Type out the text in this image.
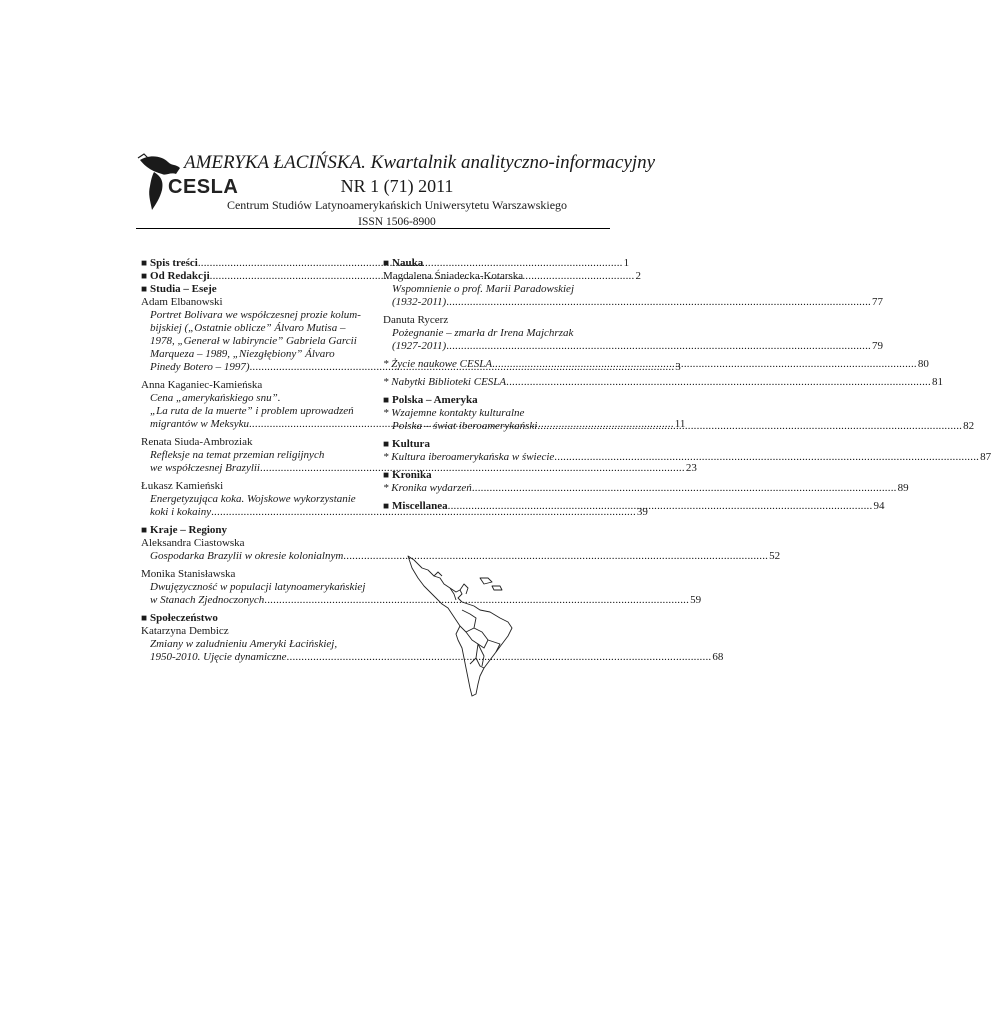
CESLA
AMERYKA ŁACIŃSKA. Kwartalnik analityczno-informacyjny
NR 1 (71) 2011
Centrum Studiów Latynoamerykańskich Uniwersytetu Warszawskiego
ISSN 1506-8900
■ Spis treści .....	1
■ Od Redakcji .....	2
■ Studia – Eseje
Adam Elbanowski
Portret Bolivara we współczesnej prozie kolum-
bijskiej („Ostatnie oblicze” Álvaro Mutisa –
1978, „Generał w labiryncie” Gabriela Garcii
Marqueza – 1989, „Niezgłębiony” Álvaro
Pinedy Botero – 1997) .....	3
Anna Kaganiec-Kamieńska
Cena „amerykańskiego snu”.
„La ruta de la muerte” i problem uprowadzeń
migrantów w Meksyku .....	11
Renata Siuda-Ambroziak
Refleksje na temat przemian religijnych
we współczesnej Brazylii .....	23
Łukasz Kamieński
Energetyzująca koka. Wojskowe wykorzystanie
koki i kokainy .....	39
■ Kraje – Regiony
Aleksandra Ciastowska
Gospodarka Brazylii w okresie kolonialnym .....	52
Monika Stanisławska
Dwujęzyczność w populacji latynoamerykańskiej
w Stanach Zjednoczonych .....	59
■ Społeczeństwo
Katarzyna Dembicz
Zmiany w zaludnieniu Ameryki Łacińskiej,
1950-2010. Ujęcie dynamiczne .....	68
■ Nauka
Magdalena Śniadecka-Kotarska
Wspomnienie o prof. Marii Paradowskiej
(1932-2011) .....	77
Danuta Rycerz
Pożegnanie – zmarła dr Irena Majchrzak
(1927-2011) .....	79
* Życie naukowe CESLA .....	80
* Nabytki Biblioteki CESLA .....	81
■ Polska – Ameryka
* Wzajemne kontakty kulturalne
Polska – świat iberoamerykański .....	82
■ Kultura
* Kultura iberoamerykańska w świecie .....	87
■ Kronika
* Kronika wydarzeń .....	89
■ Miscellanea .....	94
